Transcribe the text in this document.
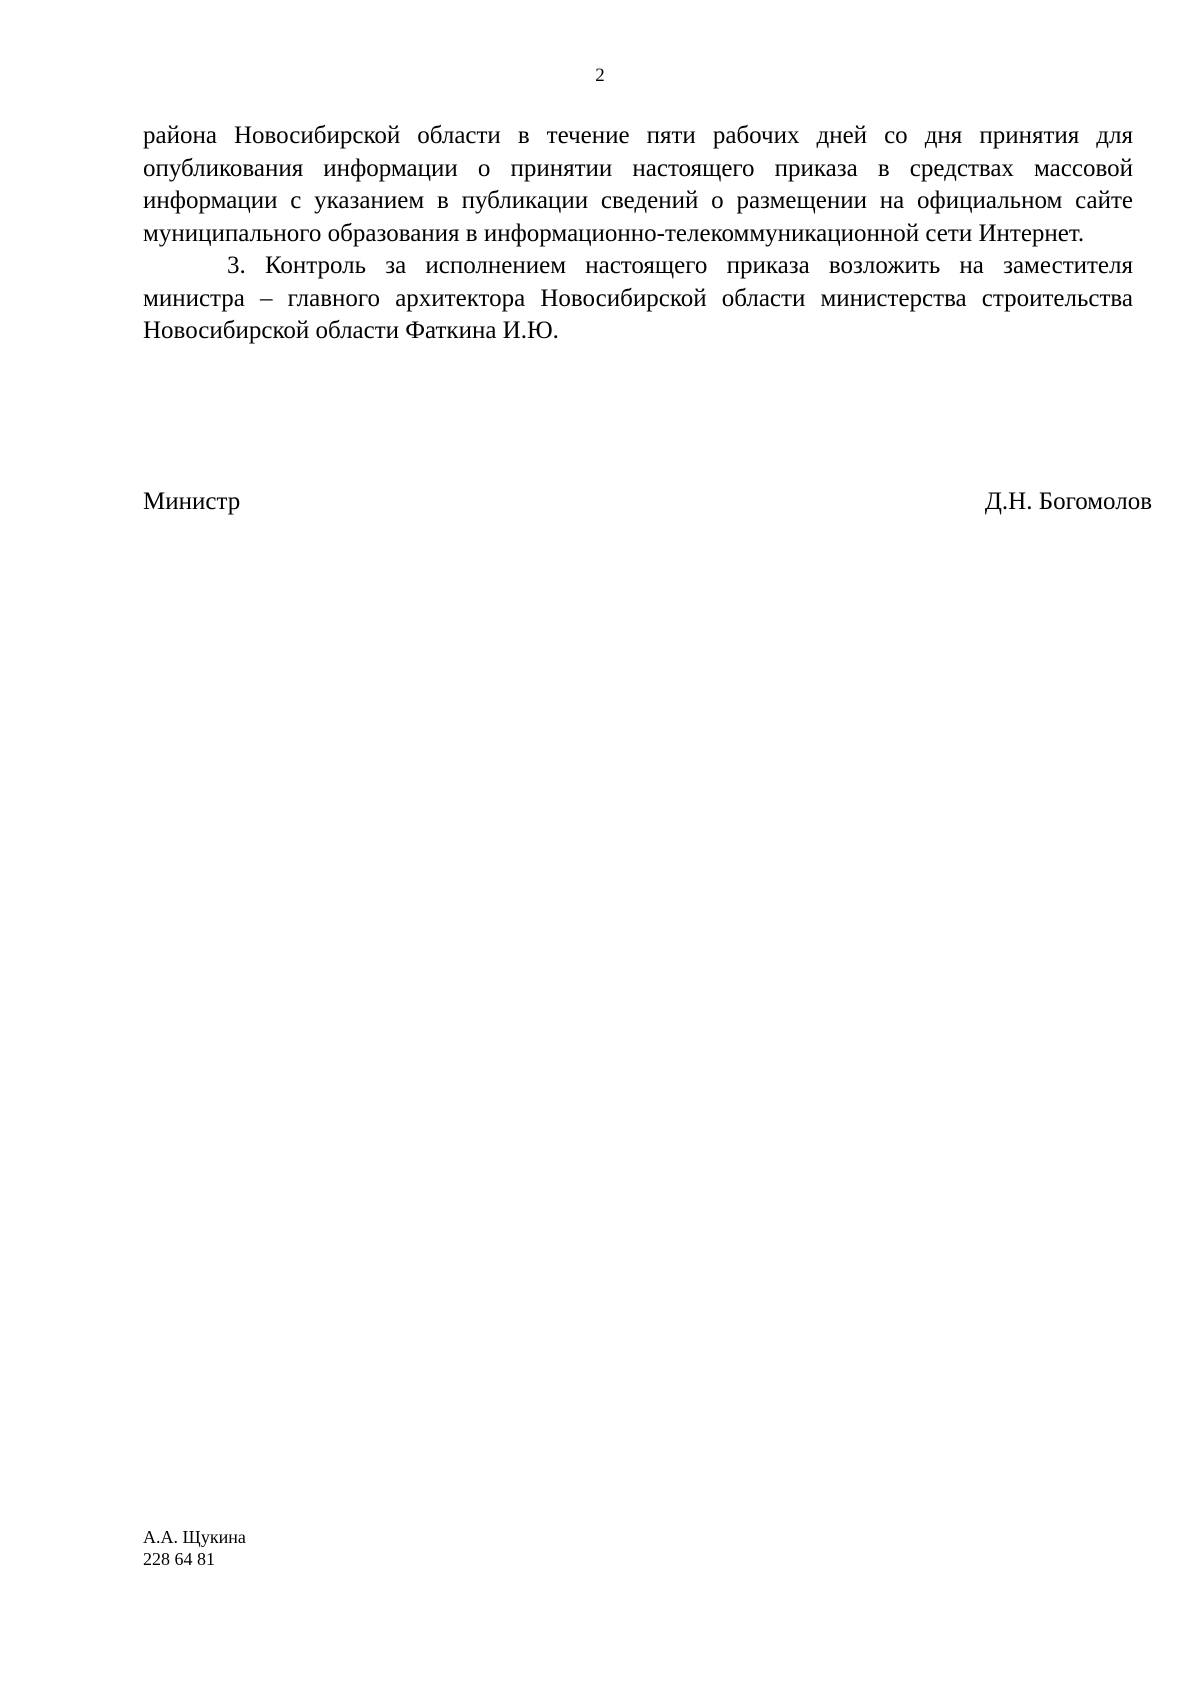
2

района Новосибирской области в течение пяти рабочих дней со дня принятия для опубликования информации о принятии настоящего приказа в средствах массовой информации с указанием в публикации сведений о размещении на официальном сайте муниципального образования в информационно-телекоммуникационной сети Интернет.

3. Контроль за исполнением настоящего приказа возложить на заместителя министра – главного архитектора Новосибирской области министерства строительства Новосибирской области Фаткина И.Ю.

Министр	Д.Н. Богомолов
А.А. Щукина
228 64 81
